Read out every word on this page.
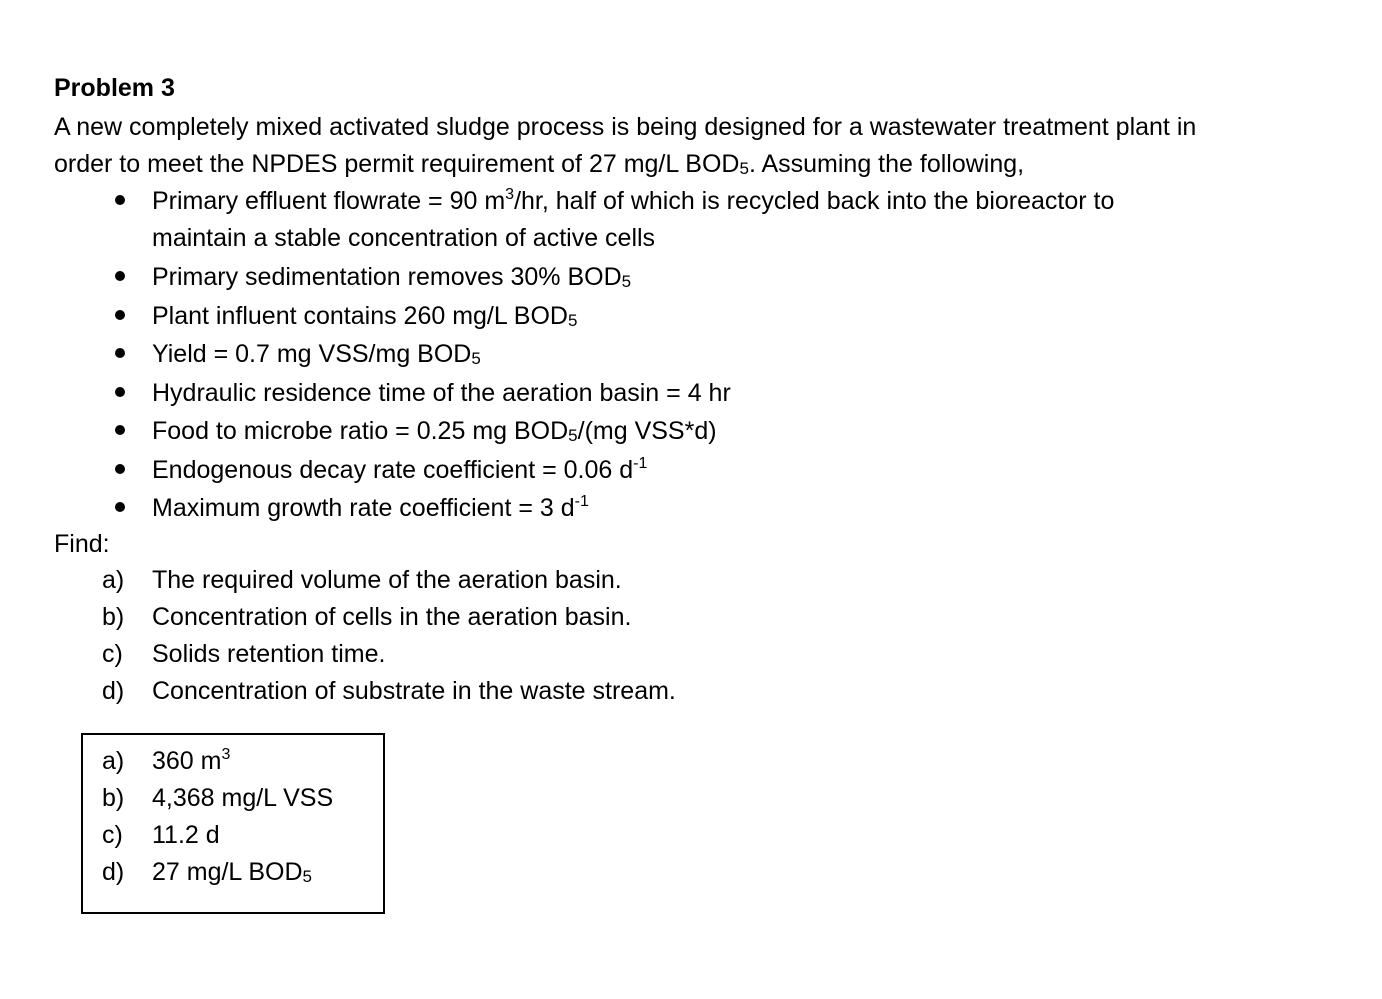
Problem 3
A new completely mixed activated sludge process is being designed for a wastewater treatment plant in
order to meet the NPDES permit requirement of 27 mg/L $BOD_5$. Assuming the following,
Primary effluent flowrate = 90 $m^3/hr$, half of which is recycled back into the bioreactor to
maintain a stable concentration of active cells
Primary sedimentation removes 30% $BOD_5$
Plant influent contains 260 mg/L $BOD_5$
Yield = 0.7 mg VSS/mg $BOD_5$
Hydraulic residence time of the aeration basin = 4 hr
Food to microbe ratio = 0.25 mg $BOD_5/(mg$ VSS*d)
Endogenous decay rate coefficient = 0.06 $d^{-1}$
Maximum growth rate coefficient = 3 $d^{-1}$
Find:
a) The required volume of the aeration basin.
b) Concentration of cells in the aeration basin.
c) Solids retention time.
d) Concentration of substrate in the waste stream.
a) 360 $m^3$
b) 4,368 mg/L VSS
c) 11.2 d
d) 27 mg/L $BOD_5$
